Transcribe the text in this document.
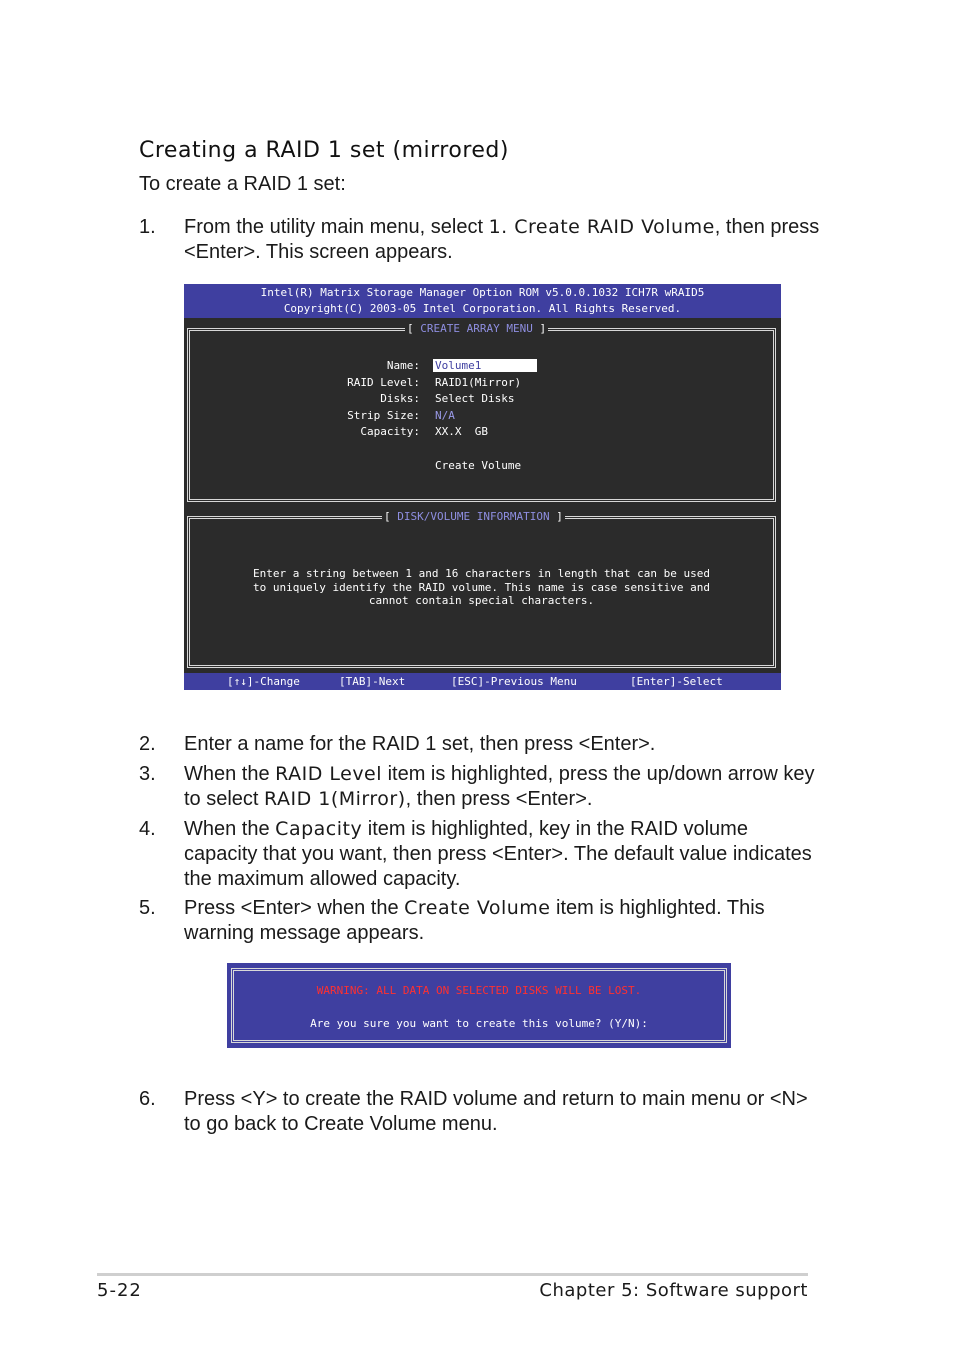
Creating a RAID 1 set (mirrored)
To create a RAID 1 set:
1.	From the utility main menu, select 1. Create RAID Volume, then press <Enter>. This screen appears.
Intel(R) Matrix Storage Manager Option ROM v5.0.0.1032 ICH7R wRAID5
Copyright(C) 2003-05 Intel Corporation. All Rights Reserved.
[ CREATE ARRAY MENU ]
Name: Volume1
RAID Level: RAID1(Mirror)
Disks: Select Disks
Strip Size: N/A
Capacity: XX.X  GB
Create Volume
[ DISK/VOLUME INFORMATION ]
Enter a string between 1 and 16 characters in length that can be used
to uniquely identify the RAID volume. This name is case sensitive and
cannot contain special characters.
[↑↓]-Change	[TAB]-Next	[ESC]-Previous Menu	[Enter]-Select
2.	Enter a name for the RAID 1 set, then press <Enter>.
3.	When the RAID Level item is highlighted, press the up/down arrow key to select RAID 1(Mirror), then press <Enter>.
4.	When the Capacity item is highlighted, key in the RAID volume capacity that you want, then press <Enter>. The default value indicates the maximum allowed capacity.
5.	Press <Enter> when the Create Volume item is highlighted. This warning message appears.
WARNING: ALL DATA ON SELECTED DISKS WILL BE LOST.
Are you sure you want to create this volume? (Y/N):
6.	Press <Y> to create the RAID volume and return to main menu or <N> to go back to Create Volume menu.
5-22	Chapter 5: Software support
